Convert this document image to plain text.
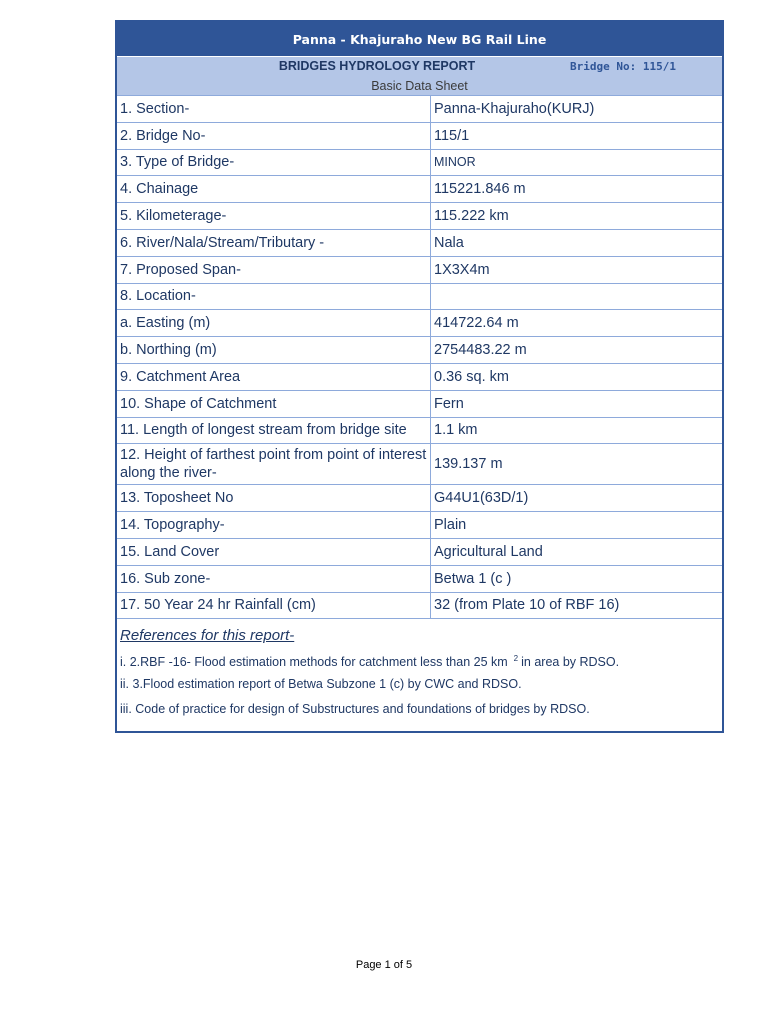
Panna - Khajuraho New BG Rail Line
BRIDGES HYDROLOGY REPORT	Bridge No: 115/1
Basic Data Sheet
1. Section-	Panna-Khajuraho(KURJ)
2. Bridge No-	115/1
3. Type of Bridge-	MINOR
4. Chainage	115221.846 m
5. Kilometerage-	115.222 km
6. River/Nala/Stream/Tributary -	Nala
7. Proposed Span-	1X3X4m
8. Location-	
a. Easting (m)	414722.64 m
b. Northing (m)	2754483.22 m
9. Catchment Area	0.36 sq. km
10. Shape of Catchment	Fern
11. Length of longest stream from bridge site	1.1 km
12. Height of farthest point from point of interest along the river-	139.137 m
13. Toposheet No	G44U1(63D/1)
14. Topography-	Plain
15. Land Cover	Agricultural Land
16. Sub zone-	Betwa 1 (c )
17. 50 Year 24 hr Rainfall (cm)	32 (from Plate 10 of RBF 16)
References for this report-
i. 2.RBF -16- Flood estimation methods for catchment less than 25 km $^2$ in area by RDSO.
ii. 3.Flood estimation report of Betwa Subzone 1 (c) by CWC and RDSO.
iii. Code of practice for design of Substructures and foundations of bridges by RDSO.
Page 1 of 5
